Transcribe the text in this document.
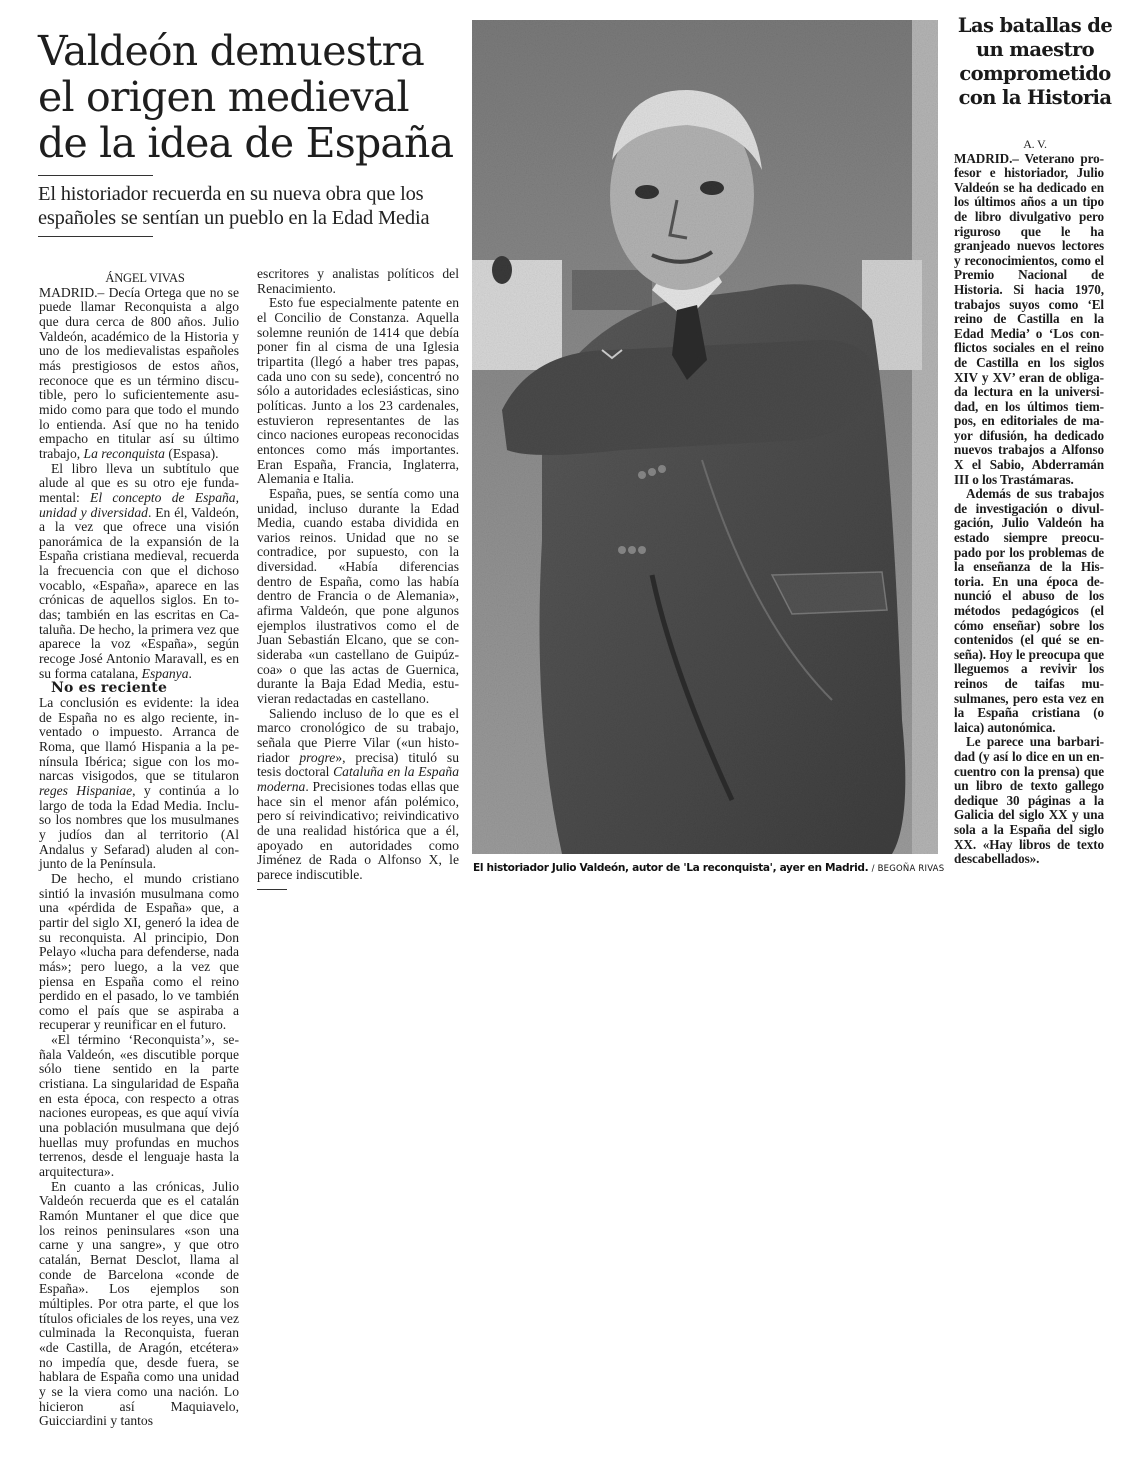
Valdeón demuestra el origen medieval de la idea de España

El historiador recuerda en su nueva obra que los españoles se sentían un pueblo en la Edad Media

ÁNGEL VIVAS

MADRID.– Decía Ortega que no se puede llamar Reconquista a algo que dura cerca de 800 años. Julio Valdeón, académico de la Historia y uno de los medievalistas españoles más prestigiosos de estos años, reconoce que es un término discutible, pero lo suficientemente asumido como para que todo el mundo lo entienda. Así que no ha tenido empacho en titular así su último trabajo, La reconquista (Espasa).

El libro lleva un subtítulo que alude al que es su otro eje fundamental: El concepto de España, unidad y diversidad. En él, Valdeón, a la vez que ofrece una visión panorámica de la expansión de la España cristiana medieval, recuerda la frecuencia con que el dichoso vocablo, «España», aparece en las crónicas de aquellos siglos. En todas; también en las escritas en Cataluña. De hecho, la primera vez que aparece la voz «España», según recoge José Antonio Maravall, es en su forma catalana, Espanya.

No es reciente

La conclusión es evidente: la idea de España no es algo reciente, inventado o impuesto. Arranca de Roma, que llamó Hispania a la península Ibérica; sigue con los monarcas visigodos, que se titularon reges Hispaniae, y continúa a lo largo de toda la Edad Media. Incluso los nombres que los musulmanes y judíos dan al territorio (Al Andalus y Sefarad) aluden al conjunto de la Península.

De hecho, el mundo cristiano sintió la invasión musulmana como una «pérdida de España» que, a partir del siglo XI, generó la idea de su reconquista. Al principio, Don Pelayo «lucha para defenderse, nada más»; pero luego, a la vez que piensa en España como el reino perdido en el pasado, lo ve también como el país que se aspiraba a recuperar y reunificar en el futuro.

«El término ‘Reconquista’», señala Valdeón, «es discutible porque sólo tiene sentido en la parte cristiana. La singularidad de España en esta época, con respecto a otras naciones europeas, es que aquí vivía una población musulmana que dejó huellas muy profundas en muchos terrenos, desde el lenguaje hasta la arquitectura».

En cuanto a las crónicas, Julio Valdeón recuerda que es el catalán Ramón Muntaner el que dice que los reinos peninsulares «son una carne y una sangre», y que otro catalán, Bernat Desclot, llama al conde de Barcelona «conde de España». Los ejemplos son múltiples. Por otra parte, el que los títulos oficiales de los reyes, una vez culminada la Reconquista, fueran «de Castilla, de Aragón, etcétera» no impedía que, desde fuera, se hablara de España como una unidad y se la viera como una nación. Lo hicieron así Maquiavelo, Guicciardini y tantos

escritores y analistas políticos del Renacimiento.

Esto fue especialmente patente en el Concilio de Constanza. Aquella solemne reunión de 1414 que debía poner fin al cisma de una Iglesia tripartita (llegó a haber tres papas, cada uno con su sede), concentró no sólo a autoridades eclesiásticas, sino políticas. Junto a los 23 cardenales, estuvieron representantes de las cinco naciones europeas reconocidas entonces como más importantes. Eran España, Francia, Inglaterra, Alemania e Italia.

España, pues, se sentía como una unidad, incluso durante la Edad Media, cuando estaba dividida en varios reinos. Unidad que no se contradice, por supuesto, con la diversidad. «Había diferencias dentro de España, como las había dentro de Francia o de Alemania», afirma Valdeón, que pone algunos ejemplos ilustrativos como el de Juan Sebastián Elcano, que se consideraba «un castellano de Guipúzcoa» o que las actas de Guernica, durante la Baja Edad Media, estuvieran redactadas en castellano.

Saliendo incluso de lo que es el marco cronológico de su trabajo, señala que Pierre Vilar («un historiador progre», precisa) tituló su tesis doctoral Cataluña en la España moderna. Precisiones todas ellas que hace sin el menor afán polémico, pero sí reivindicativo; reivindicativo de una realidad histórica que a él, apoyado en autoridades como Jiménez de Rada o Alfonso X, le parece indiscutible.	El historiador Julio Valdeón, autor de 'La reconquista', ayer en Madrid. / BEGOÑA RIVAS
Las batallas de un maestro comprometido con la Historia

A. V.

MADRID.– Veterano profesor e historiador, Julio Valdeón se ha dedicado en los últimos años a un tipo de libro divulgativo pero riguroso que le ha granjeado nuevos lectores y reconocimientos, como el Premio Nacional de Historia. Si hacia 1970, trabajos suyos como ‘El reino de Castilla en la Edad Media’ o ‘Los conflictos sociales en el reino de Castilla en los siglos XIV y XV’ eran de obligada lectura en la universidad, en los últimos tiempos, en editoriales de mayor difusión, ha dedicado nuevos trabajos a Alfonso X el Sabio, Abderramán III o los Trastámaras.

Además de sus trabajos de investigación o divulgación, Julio Valdeón ha estado siempre preocupado por los problemas de la enseñanza de la Historia. En una época denunció el abuso de los métodos pedagógicos (el cómo enseñar) sobre los contenidos (el qué se enseña). Hoy le preocupa que lleguemos a revivir los reinos de taifas musulmanes, pero esta vez en la España cristiana (o laica) autonómica.

Le parece una barbaridad (y así lo dice en un encuentro con la prensa) que un libro de texto gallego dedique 30 páginas a la Galicia del siglo XX y una sola a la España del siglo XX. «Hay libros de texto descabellados».
